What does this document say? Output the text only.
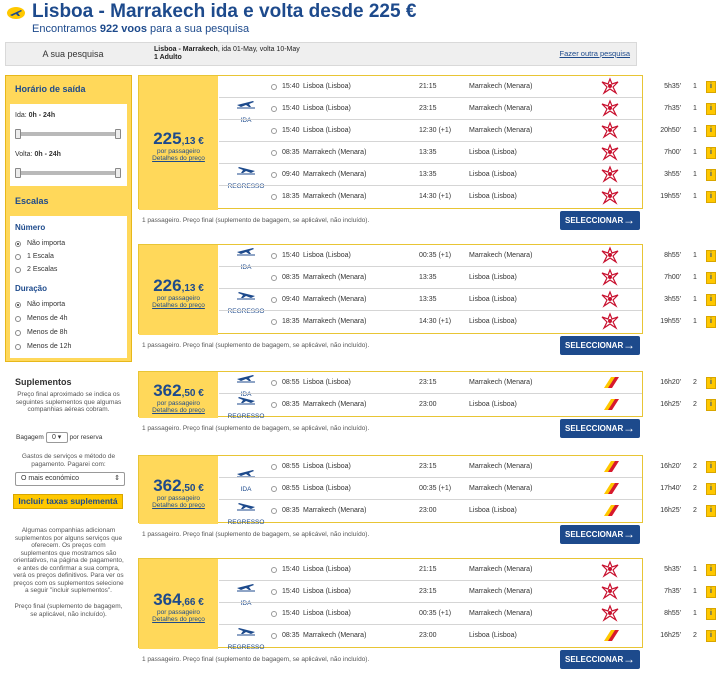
Lisboa - Marrakech ida e volta desde 225 €
Encontramos 922 voos para a sua pesquisa
A sua pesquisa	Lisboa - Marrakech, ida 01-May, volta 10-May
1 Adulto	Fazer outra pesquisa
Horário de saída
Ida: 0h - 24h
Volta: 0h - 24h
Escalas
Número
Não importa
1 Escala
2 Escalas
Duração
Não importa
Menos de 4h
Menos de 8h
Menos de 12h
Suplementos
Preço final aproximado se indica os seguintes suplementos que algumas companhias aéreas cobram.
Bagagem 0 ▾ por reserva
Gastos de serviços e método de pagamento. Pagarei com:
O mais económico	⇕
Incluir taxas suplementá
Algumas companhias adicionam suplementos por alguns serviços que oferecem. Os preços com suplementos que mostramos são orientativos, na página de pagamento, e antes de confirmar a sua compra, verá os preços definitivos. Para ver os preços com os suplementos selecione a seguir "incluir suplementos".
Preço final (suplemento de bagagem, se aplicável, não incluído).
225,13 €
por passageiro
Detalhes do preço
IDA
REGRESSO
15:40 Lisboa (Lisboa)	21:15	Marrakech (Menara)	5h35' 1	i
15:40 Lisboa (Lisboa)	23:15	Marrakech (Menara)	7h35' 1	i
15:40 Lisboa (Lisboa)	12:30 (+1)	Marrakech (Menara)	20h50' 1	i
08:35 Marrakech (Menara)	13:35	Lisboa (Lisboa)	7h00' 1	i
09:40 Marrakech (Menara)	13:35	Lisboa (Lisboa)	3h55' 1	i
18:35 Marrakech (Menara)	14:30 (+1)	Lisboa (Lisboa)	19h55' 1	i
1 passageiro. Preço final (suplemento de bagagem, se aplicável, não incluído).	SELECCIONAR →
226,13 €
por passageiro
Detalhes do preço
IDA
REGRESSO
15:40 Lisboa (Lisboa)	00:35 (+1)	Marrakech (Menara)	8h55' 1	i
08:35 Marrakech (Menara)	13:35	Lisboa (Lisboa)	7h00' 1	i
09:40 Marrakech (Menara)	13:35	Lisboa (Lisboa)	3h55' 1	i
18:35 Marrakech (Menara)	14:30 (+1)	Lisboa (Lisboa)	19h55' 1	i
1 passageiro. Preço final (suplemento de bagagem, se aplicável, não incluído).	SELECCIONAR →
362,50 €
por passageiro
Detalhes do preço
IDA
REGRESSO
08:55 Lisboa (Lisboa)	23:15	Marrakech (Menara)	16h20' 2	i
08:35 Marrakech (Menara)	23:00	Lisboa (Lisboa)	16h25' 2	i
1 passageiro. Preço final (suplemento de bagagem, se aplicável, não incluído).	SELECCIONAR →
362,50 €
por passageiro
Detalhes do preço
IDA
REGRESSO
08:55 Lisboa (Lisboa)	23:15	Marrakech (Menara)	16h20' 2	i
08:55 Lisboa (Lisboa)	00:35 (+1)	Marrakech (Menara)	17h40' 2	i
08:35 Marrakech (Menara)	23:00	Lisboa (Lisboa)	16h25' 2	i
1 passageiro. Preço final (suplemento de bagagem, se aplicável, não incluído).	SELECCIONAR →
364,66 €
por passageiro
Detalhes do preço
IDA
REGRESSO
15:40 Lisboa (Lisboa)	21:15	Marrakech (Menara)	5h35' 1	i
15:40 Lisboa (Lisboa)	23:15	Marrakech (Menara)	7h35' 1	i
15:40 Lisboa (Lisboa)	00:35 (+1)	Marrakech (Menara)	8h55' 1	i
08:35 Marrakech (Menara)	23:00	Lisboa (Lisboa)	16h25' 2	i
1 passageiro. Preço final (suplemento de bagagem, se aplicável, não incluído).	SELECCIONAR →
